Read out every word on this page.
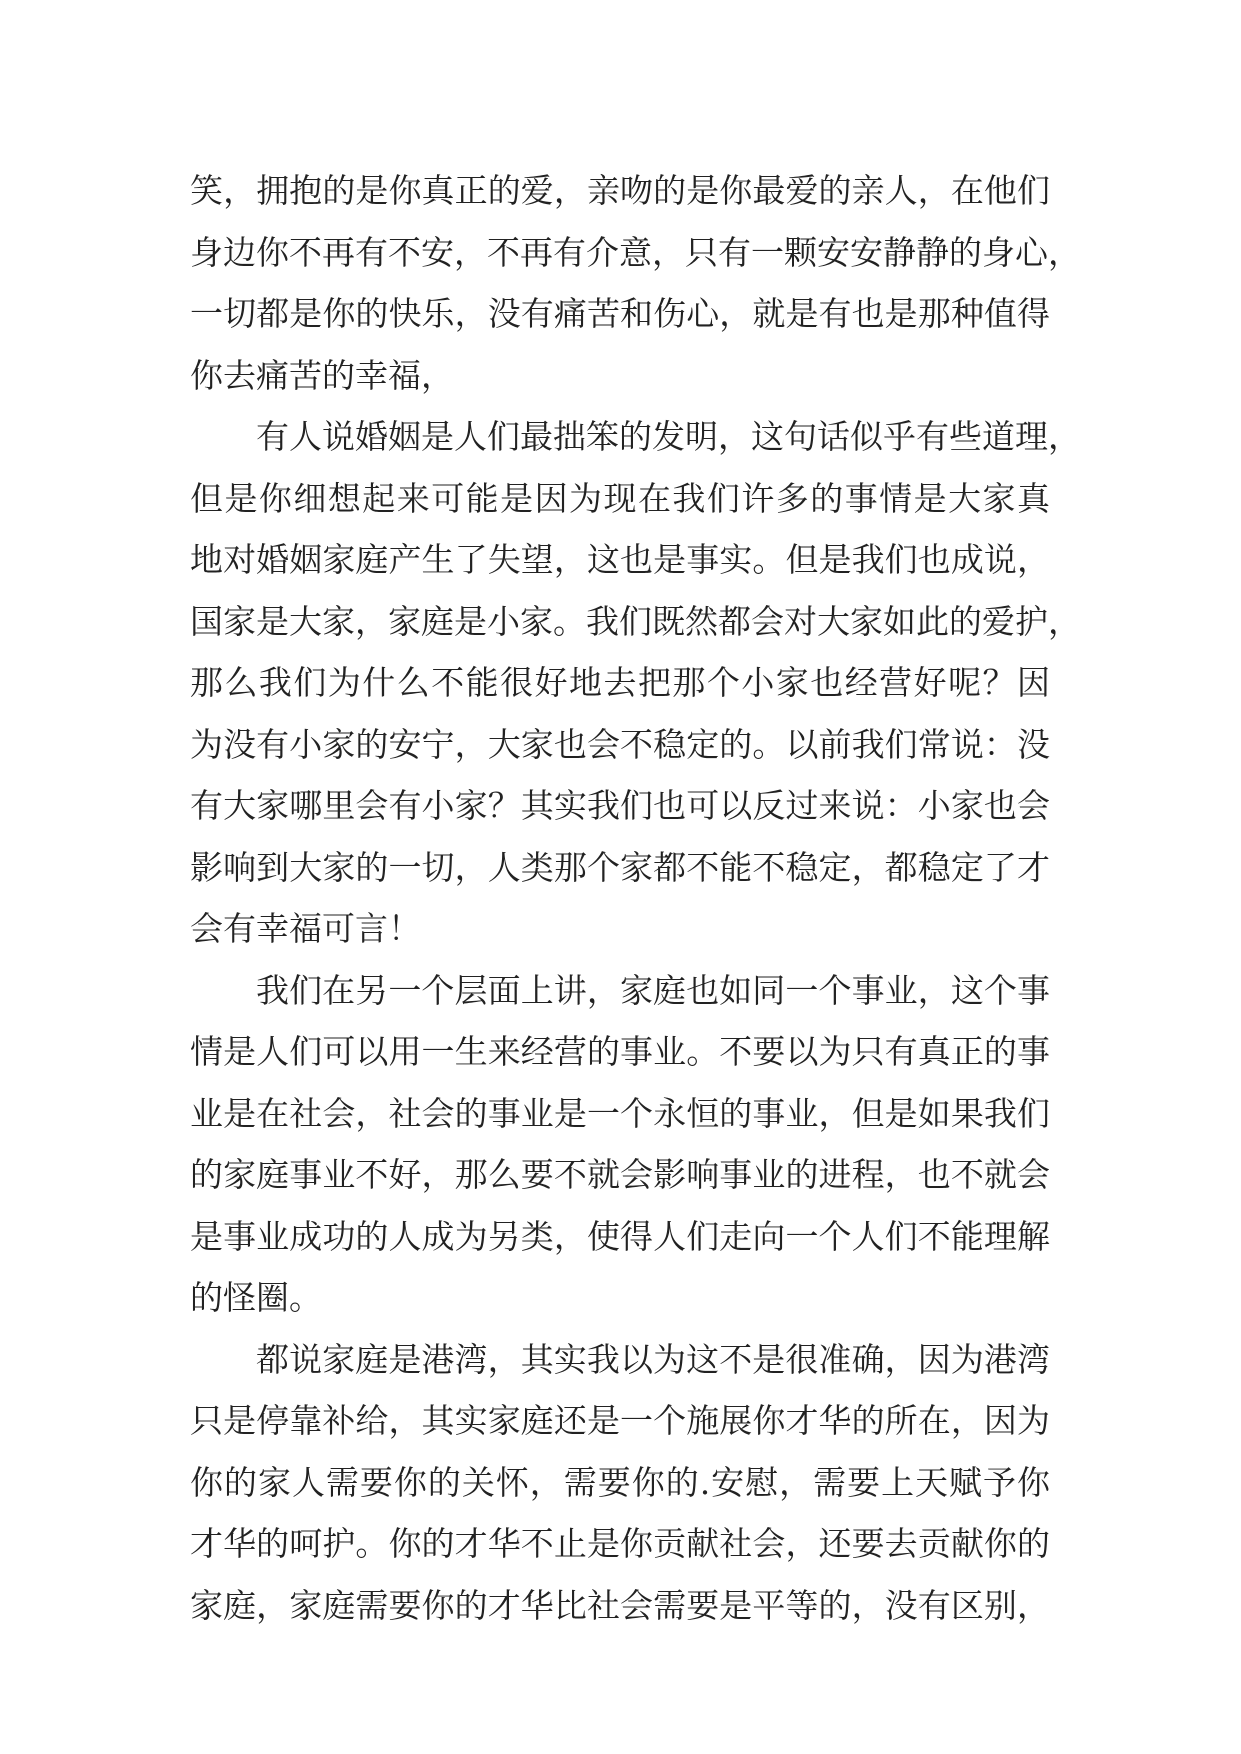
笑，拥抱的是你真正的爱，亲吻的是你最爱的亲人，在他们
身边你不再有不安，不再有介意，只有一颗安安静静的身心，
一切都是你的快乐，没有痛苦和伤心，就是有也是那种值得
你去痛苦的幸福，
有人说婚姻是人们最拙笨的发明，这句话似乎有些道理，
但是你细想起来可能是因为现在我们许多的事情是大家真
地对婚姻家庭产生了失望，这也是事实。但是我们也成说，
国家是大家，家庭是小家。我们既然都会对大家如此的爱护，
那么我们为什么不能很好地去把那个小家也经营好呢？因
为没有小家的安宁，大家也会不稳定的。以前我们常说：没
有大家哪里会有小家？其实我们也可以反过来说：小家也会
影响到大家的一切，人类那个家都不能不稳定，都稳定了才
会有幸福可言！
我们在另一个层面上讲，家庭也如同一个事业，这个事
情是人们可以用一生来经营的事业。不要以为只有真正的事
业是在社会，社会的事业是一个永恒的事业，但是如果我们
的家庭事业不好，那么要不就会影响事业的进程，也不就会
是事业成功的人成为另类，使得人们走向一个人们不能理解
的怪圈。
都说家庭是港湾，其实我以为这不是很准确，因为港湾
只是停靠补给，其实家庭还是一个施展你才华的所在，因为
你的家人需要你的关怀，需要你的.安慰，需要上天赋予你
才华的呵护。你的才华不止是你贡献社会，还要去贡献你的
家庭，家庭需要你的才华比社会需要是平等的，没有区别，
